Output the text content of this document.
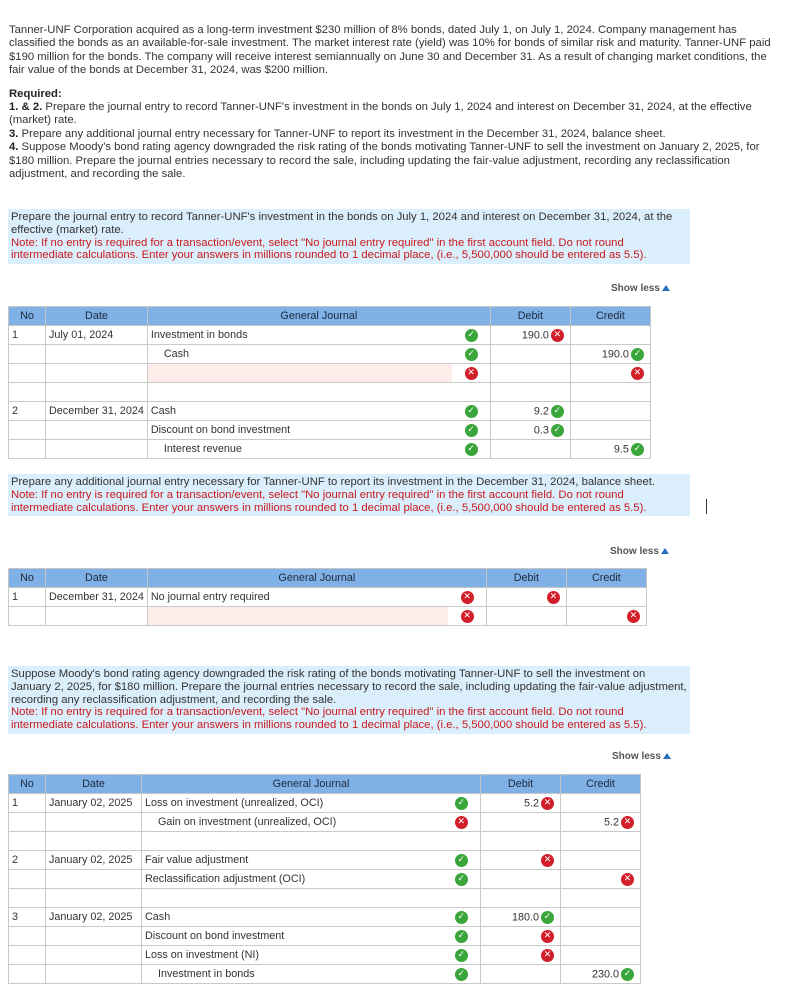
Tanner-UNF Corporation acquired as a long-term investment $230 million of 8% bonds, dated July 1, on July 1, 2024. Company management has classified the bonds as an available-for-sale investment. The market interest rate (yield) was 10% for bonds of similar risk and maturity. Tanner-UNF paid $190 million for the bonds. The company will receive interest semiannually on June 30 and December 31. As a result of changing market conditions, the fair value of the bonds at December 31, 2024, was $200 million.

Required:
1. & 2. Prepare the journal entry to record Tanner-UNF's investment in the bonds on July 1, 2024 and interest on December 31, 2024, at the effective (market) rate.
3. Prepare any additional journal entry necessary for Tanner-UNF to report its investment in the December 31, 2024, balance sheet.
4. Suppose Moody's bond rating agency downgraded the risk rating of the bonds motivating Tanner-UNF to sell the investment on January 2, 2025, for $180 million. Prepare the journal entries necessary to record the sale, including updating the fair-value adjustment, recording any reclassification adjustment, and recording the sale.
Prepare the journal entry to record Tanner-UNF's investment in the bonds on July 1, 2024 and interest on December 31, 2024, at the effective (market) rate.
Note: If no entry is required for a transaction/event, select "No journal entry required" in the first account field. Do not round intermediate calculations. Enter your answers in millions rounded to 1 decimal place, (i.e., 5,500,000 should be entered as 5.5).
Show less
No	Date	General Journal		Debit	Credit	
1	July 01, 2024	Investment in bonds	✓	190.0 ✕		
		Cash	✓		190.0 ✓	
			✕		✕	

2	December 31, 2024	Cash	✓	9.2 ✓		
		Discount on bond investment	✓	0.3 ✓		
		Interest revenue	✓		9.5 ✓	
Prepare any additional journal entry necessary for Tanner-UNF to report its investment in the December 31, 2024, balance sheet.
Note: If no entry is required for a transaction/event, select "No journal entry required" in the first account field. Do not round intermediate calculations. Enter your answers in millions rounded to 1 decimal place, (i.e., 5,500,000 should be entered as 5.5).
Show less
No	Date	General Journal		Debit	Credit	
1	December 31, 2024	No journal entry required	✕	✕		
			✕		✕	
Suppose Moody's bond rating agency downgraded the risk rating of the bonds motivating Tanner-UNF to sell the investment on January 2, 2025, for $180 million. Prepare the journal entries necessary to record the sale, including updating the fair-value adjustment, recording any reclassification adjustment, and recording the sale.
Note: If no entry is required for a transaction/event, select "No journal entry required" in the first account field. Do not round intermediate calculations. Enter your answers in millions rounded to 1 decimal place, (i.e., 5,500,000 should be entered as 5.5).
Show less
No	Date	General Journal		Debit	Credit	
1	January 02, 2025	Loss on investment (unrealized, OCI)	✓	5.2 ✕		
		Gain on investment (unrealized, OCI)	✕		5.2 ✕	

2	January 02, 2025	Fair value adjustment	✓	✕		
		Reclassification adjustment (OCI)	✓		✕	

3	January 02, 2025	Cash	✓	180.0 ✓		
		Discount on bond investment	✓	✕		
		Loss on investment (NI)	✓	✕		
		Investment in bonds	✓		230.0 ✓	
